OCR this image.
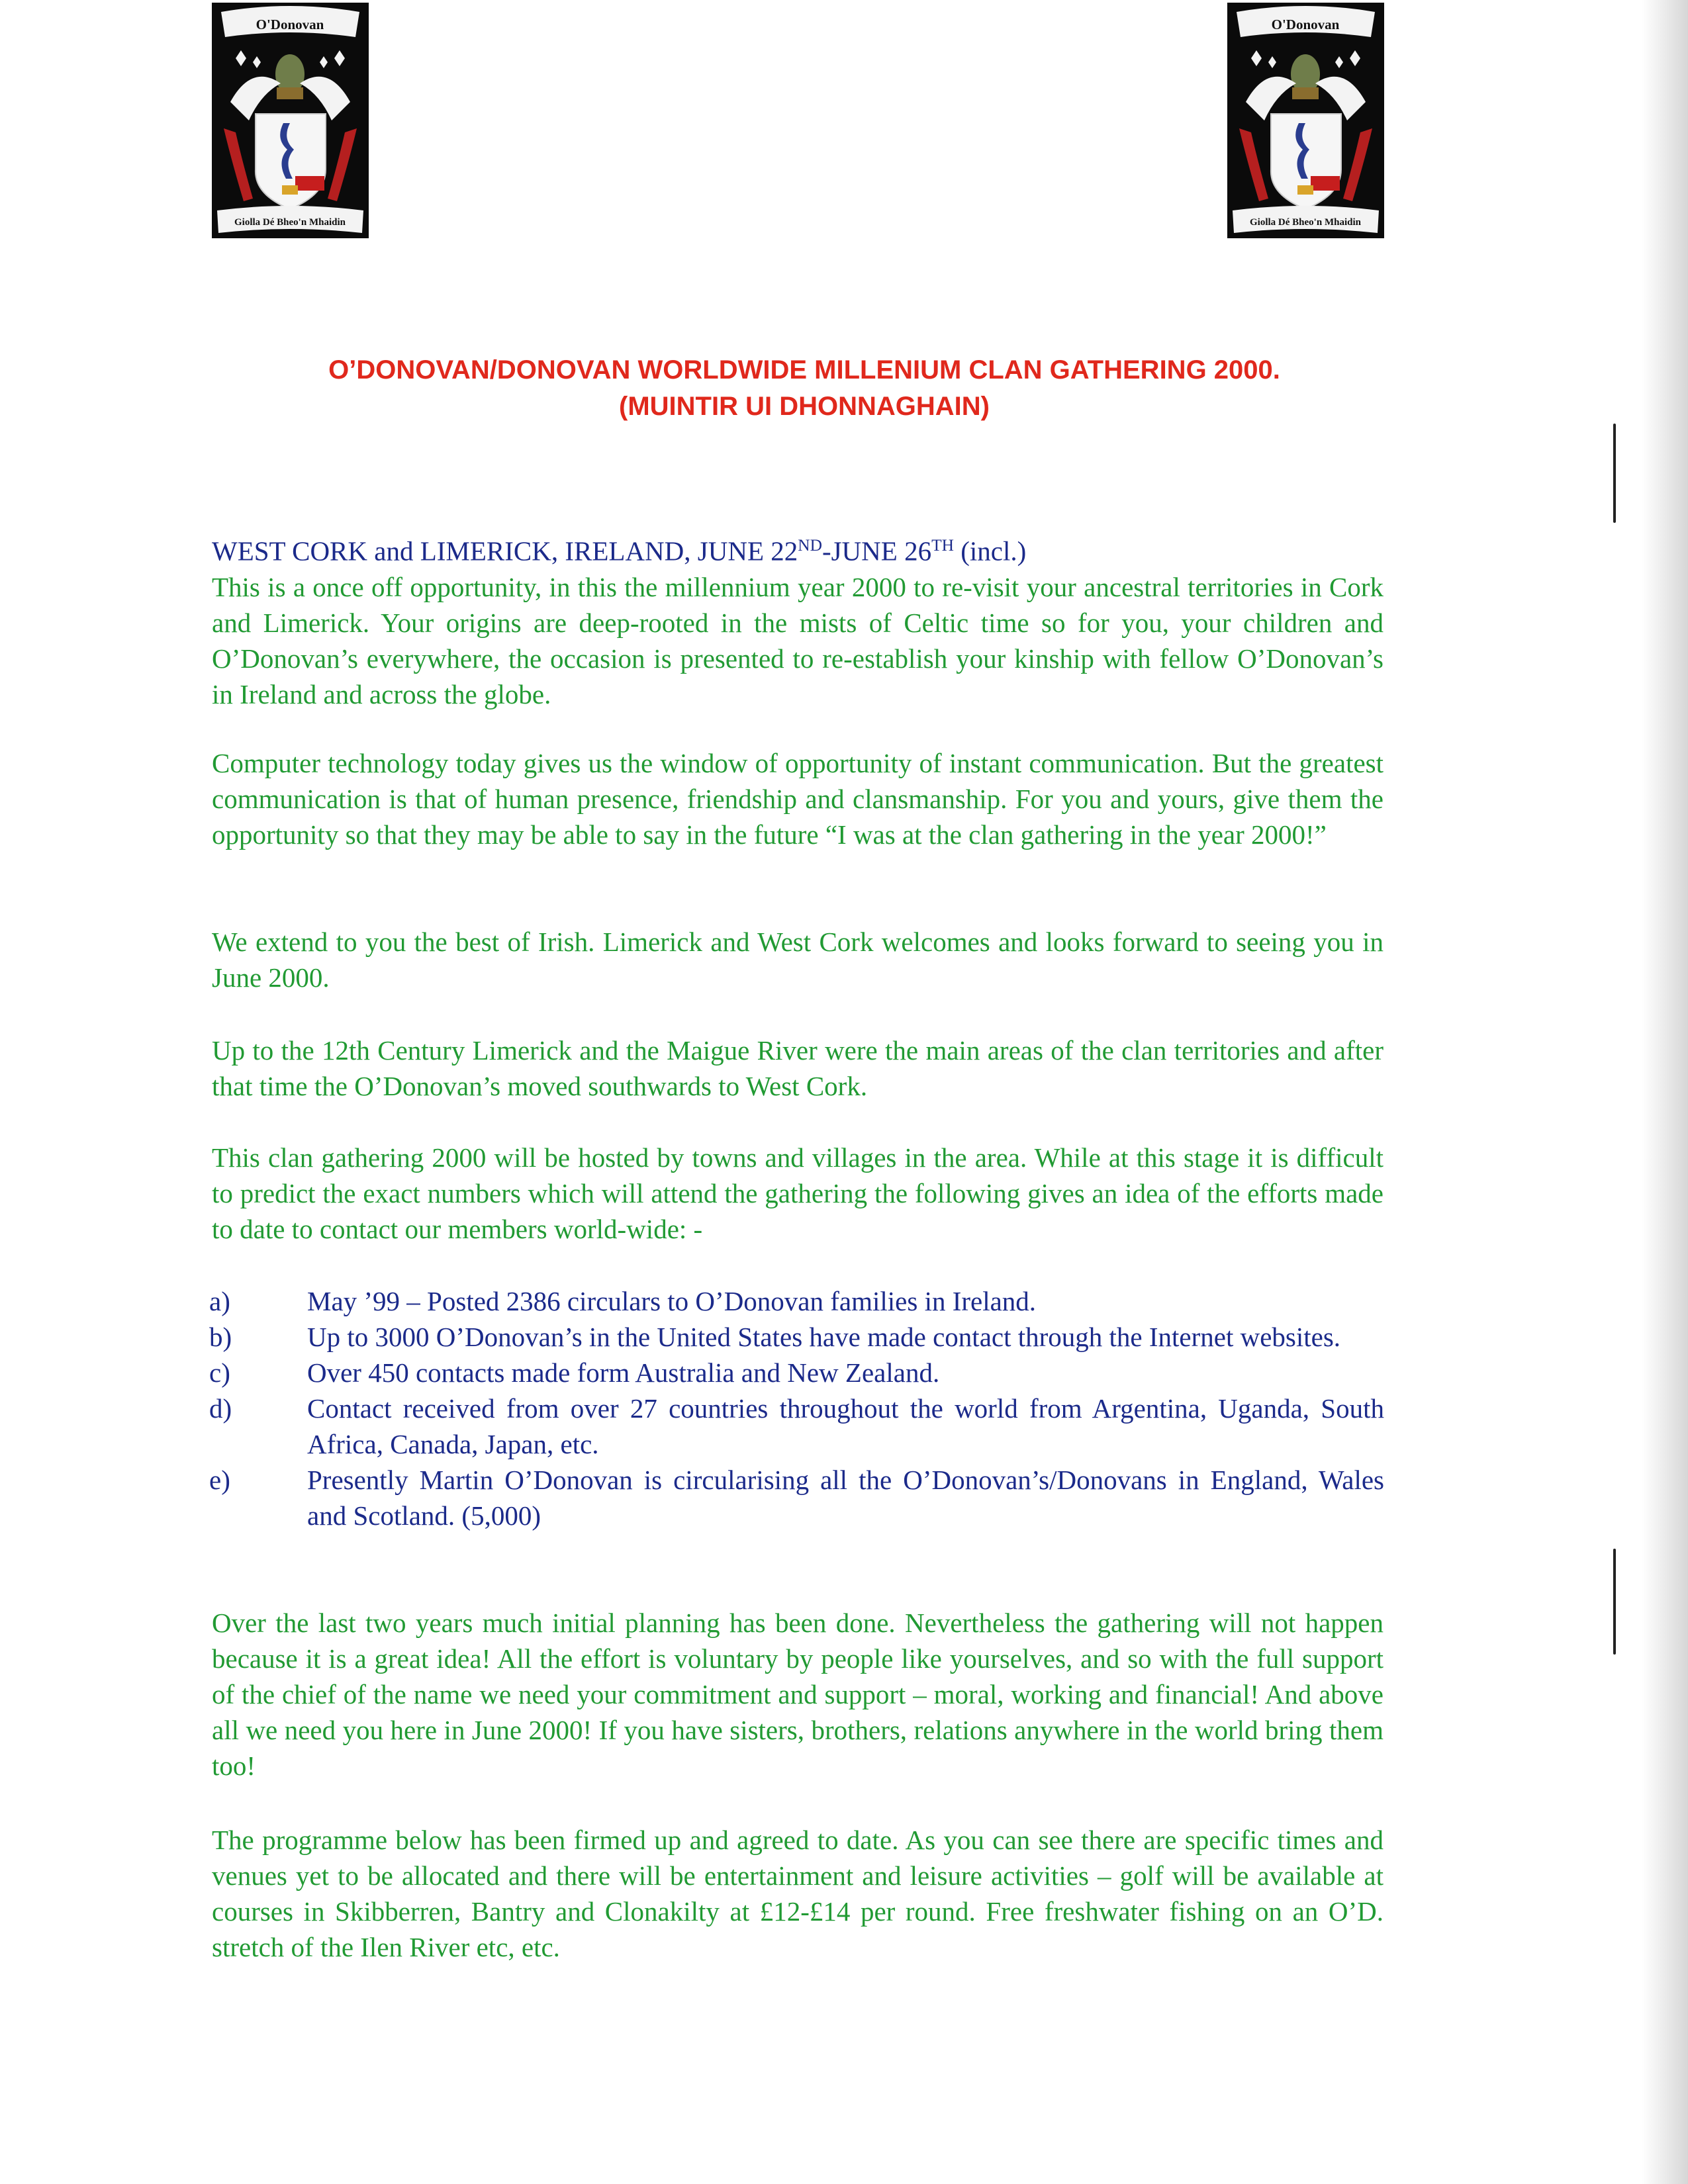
O'Donovan
Giolla Dé Bheo'n Mhaidin
O'Donovan
Giolla Dé Bheo'n Mhaidin
O’DONOVAN/DONOVAN WORLDWIDE MILLENIUM CLAN GATHERING 2000.
(MUINTIR UI DHONNAGHAIN)
WEST CORK and LIMERICK, IRELAND, JUNE 22ND-JUNE 26TH (incl.)

This is a once off opportunity, in this the millennium year 2000 to re-visit your ancestral territories in Cork and Limerick. Your origins are deep-rooted in the mists of Celtic time so for you, your children and O’Donovan’s everywhere, the occasion is presented to re-establish your kinship with fellow O’Donovan’s in Ireland and across the globe.

Computer technology today gives us the window of opportunity of instant communication. But the greatest communication is that of human presence, friendship and clansmanship. For you and yours, give them the opportunity so that they may be able to say in the future “I was at the clan gathering in the year 2000!”

We extend to you the best of Irish. Limerick and West Cork welcomes and looks forward to seeing you in June 2000.

Up to the 12th Century Limerick and the Maigue River were the main areas of the clan territories and after that time the O’Donovan’s moved southwards to West Cork.

This clan gathering 2000 will be hosted by towns and villages in the area. While at this stage it is difficult to predict the exact numbers which will attend the gathering the following gives an idea of the efforts made to date to contact our members world-wide: -

a)	May ’99 – Posted 2386 circulars to O’Donovan families in Ireland.
b)	Up to 3000 O’Donovan’s in the United States have made contact through the Internet websites.
c)	Over 450 contacts made form Australia and New Zealand.
d)	Contact received from over 27 countries throughout the world from Argentina, Uganda, South Africa, Canada, Japan, etc.
e)	Presently Martin O’Donovan is circularising all the O’Donovan’s/Donovans in England, Wales and Scotland. (5,000)

Over the last two years much initial planning has been done. Nevertheless the gathering will not happen because it is a great idea! All the effort is voluntary by people like yourselves, and so with the full support of the chief of the name we need your commitment and support – moral, working and financial! And above all we need you here in June 2000! If you have sisters, brothers, relations anywhere in the world bring them too!

The programme below has been firmed up and agreed to date. As you can see there are specific times and venues yet to be allocated and there will be entertainment and leisure activities – golf will be available at courses in Skibberren, Bantry and Clonakilty at £12-£14 per round. Free freshwater fishing on an O’D. stretch of the Ilen River etc, etc.
